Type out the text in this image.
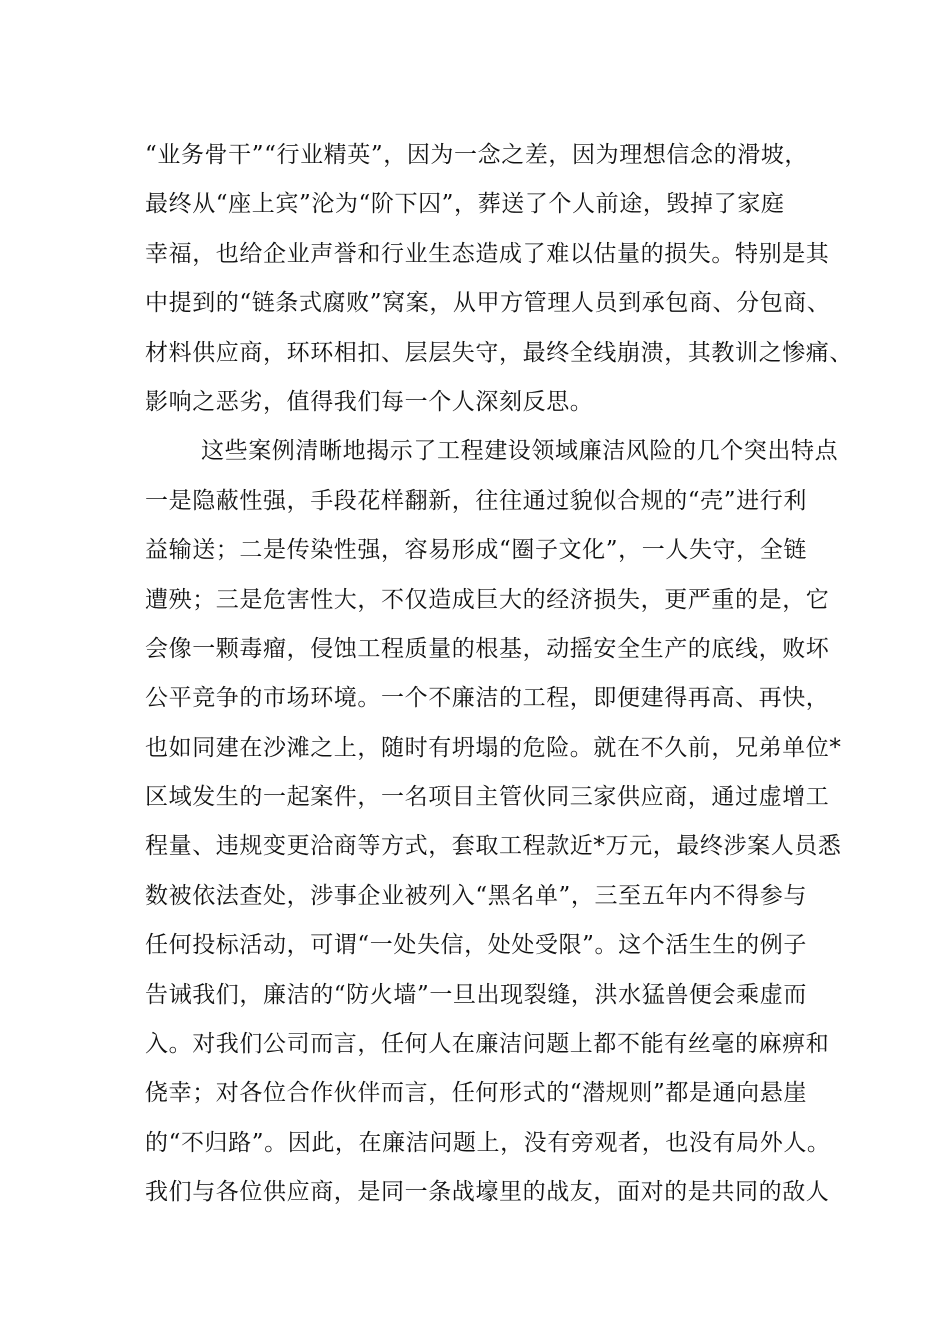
“业务骨干”“行业精英”，因为一念之差，因为理想信念的滑坡，
最终从“座上宾”沦为“阶下囚”，葬送了个人前途，毁掉了家庭
幸福，也给企业声誉和行业生态造成了难以估量的损失。特别是其
中提到的“链条式腐败”窝案，从甲方管理人员到承包商、分包商、
材料供应商，环环相扣、层层失守，最终全线崩溃，其教训之惨痛、
影响之恶劣，值得我们每一个人深刻反思。
这些案例清晰地揭示了工程建设领域廉洁风险的几个突出特点
一是隐蔽性强，手段花样翻新，往往通过貌似合规的“壳”进行利
益输送；二是传染性强，容易形成“圈子文化”，一人失守，全链
遭殃；三是危害性大，不仅造成巨大的经济损失，更严重的是，它
会像一颗毒瘤，侵蚀工程质量的根基，动摇安全生产的底线，败坏
公平竞争的市场环境。一个不廉洁的工程，即便建得再高、再快，
也如同建在沙滩之上，随时有坍塌的危险。就在不久前，兄弟单位*
区域发生的一起案件，一名项目主管伙同三家供应商，通过虚增工
程量、违规变更洽商等方式，套取工程款近*万元，最终涉案人员悉
数被依法查处，涉事企业被列入“黑名单”，三至五年内不得参与
任何投标活动，可谓“一处失信，处处受限”。这个活生生的例子
告诫我们，廉洁的“防火墙”一旦出现裂缝，洪水猛兽便会乘虚而
入。对我们公司而言，任何人在廉洁问题上都不能有丝毫的麻痹和
侥幸；对各位合作伙伴而言，任何形式的“潜规则”都是通向悬崖
的“不归路”。因此，在廉洁问题上，没有旁观者，也没有局外人。
我们与各位供应商，是同一条战壕里的战友，面对的是共同的敌人
